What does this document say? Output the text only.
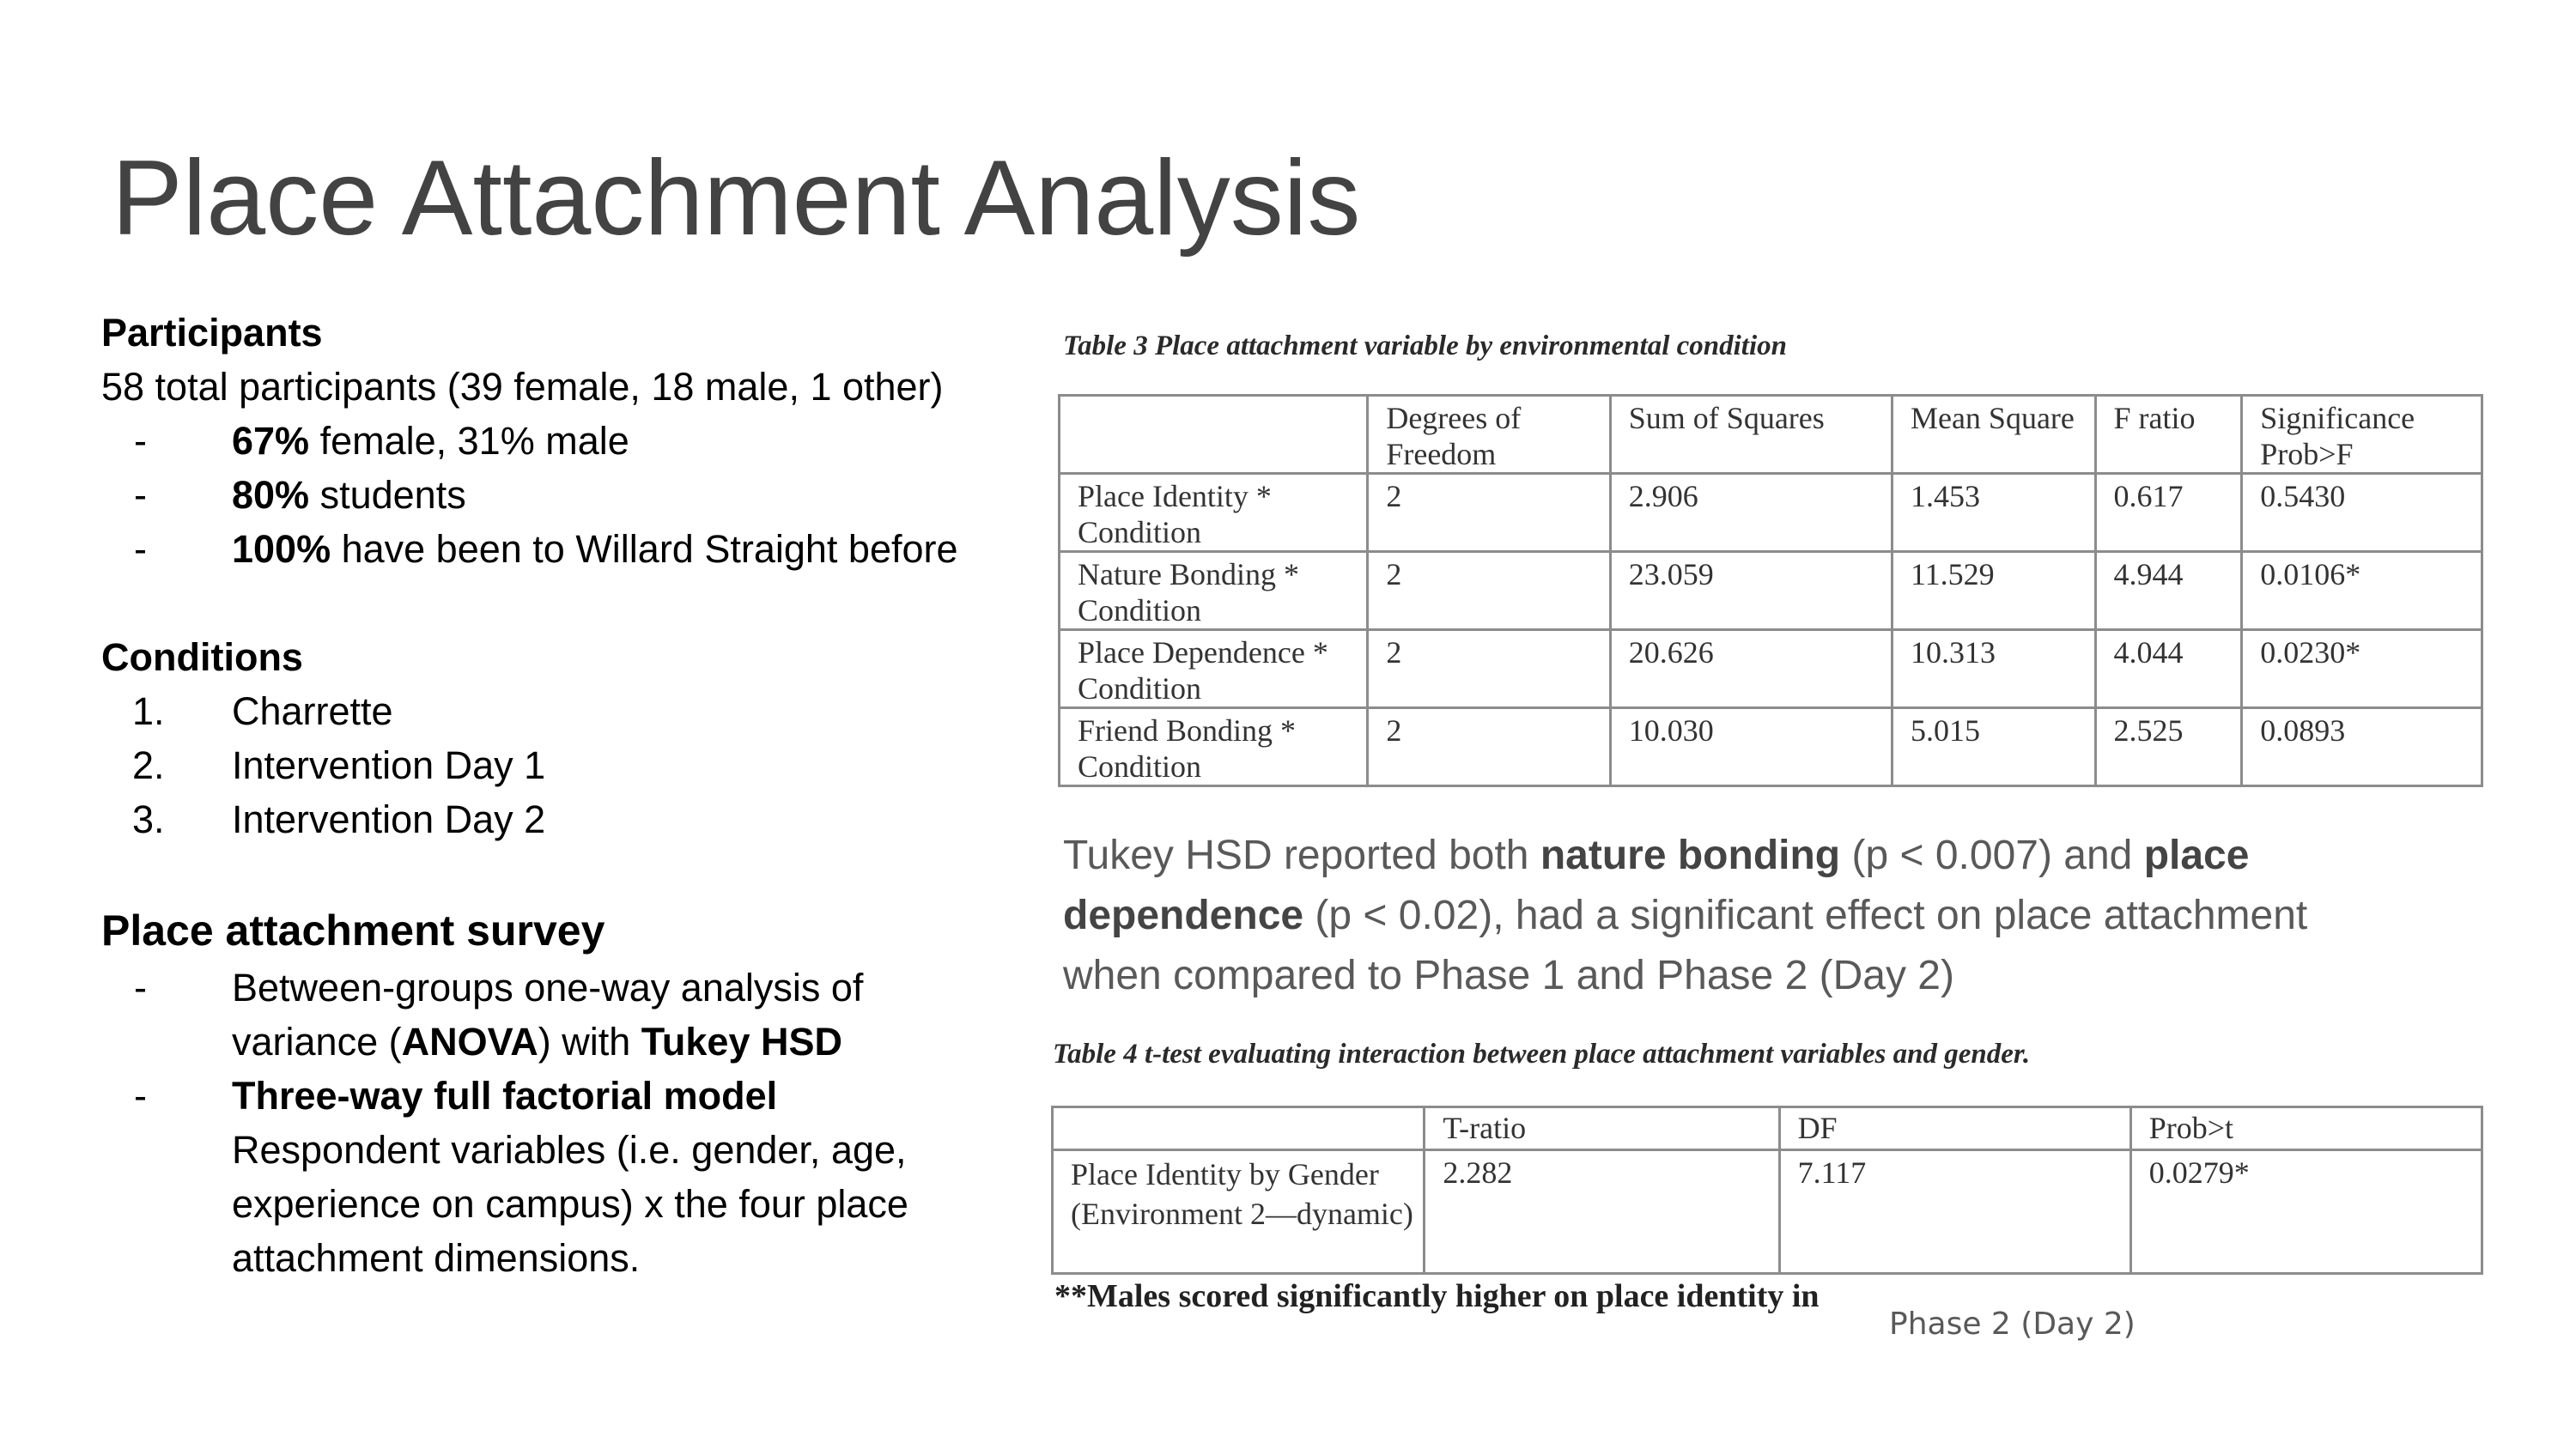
Place Attachment Analysis
Participants
58 total participants (39 female, 18 male, 1 other)
-	67% female, 31% male
-	80% students
-	100% have been to Willard Straight before
Conditions
1.	Charrette
2.	Intervention Day 1
3.	Intervention Day 2
Place attachment survey
-	Between-groups one-way analysis of
variance (ANOVA) with Tukey HSD
-	Three-way full factorial model
Respondent variables (i.e. gender, age,
experience on campus) x the four place
attachment dimensions.
Table 3 Place attachment variable by environmental condition
	Degrees of Freedom	Sum of Squares	Mean Square	F ratio	Significance Prob>F
Place Identity * Condition	2	2.906	1.453	0.617	0.5430
Nature Bonding * Condition	2	23.059	11.529	4.944	0.0106*
Place Dependence * Condition	2	20.626	10.313	4.044	0.0230*
Friend Bonding * Condition	2	10.030	5.015	2.525	0.0893
Tukey HSD reported both nature bonding (p < 0.007) and place dependence (p < 0.02), had a significant effect on place attachment when compared to Phase 1 and Phase 2 (Day 2)
Table 4 t-test evaluating interaction between place attachment variables and gender.
	T-ratio	DF	Prob>t
Place Identity by Gender (Environment 2—dynamic)	2.282	7.117	0.0279*
**Males scored significantly higher on place identity in
Phase 2 (Day 2)
